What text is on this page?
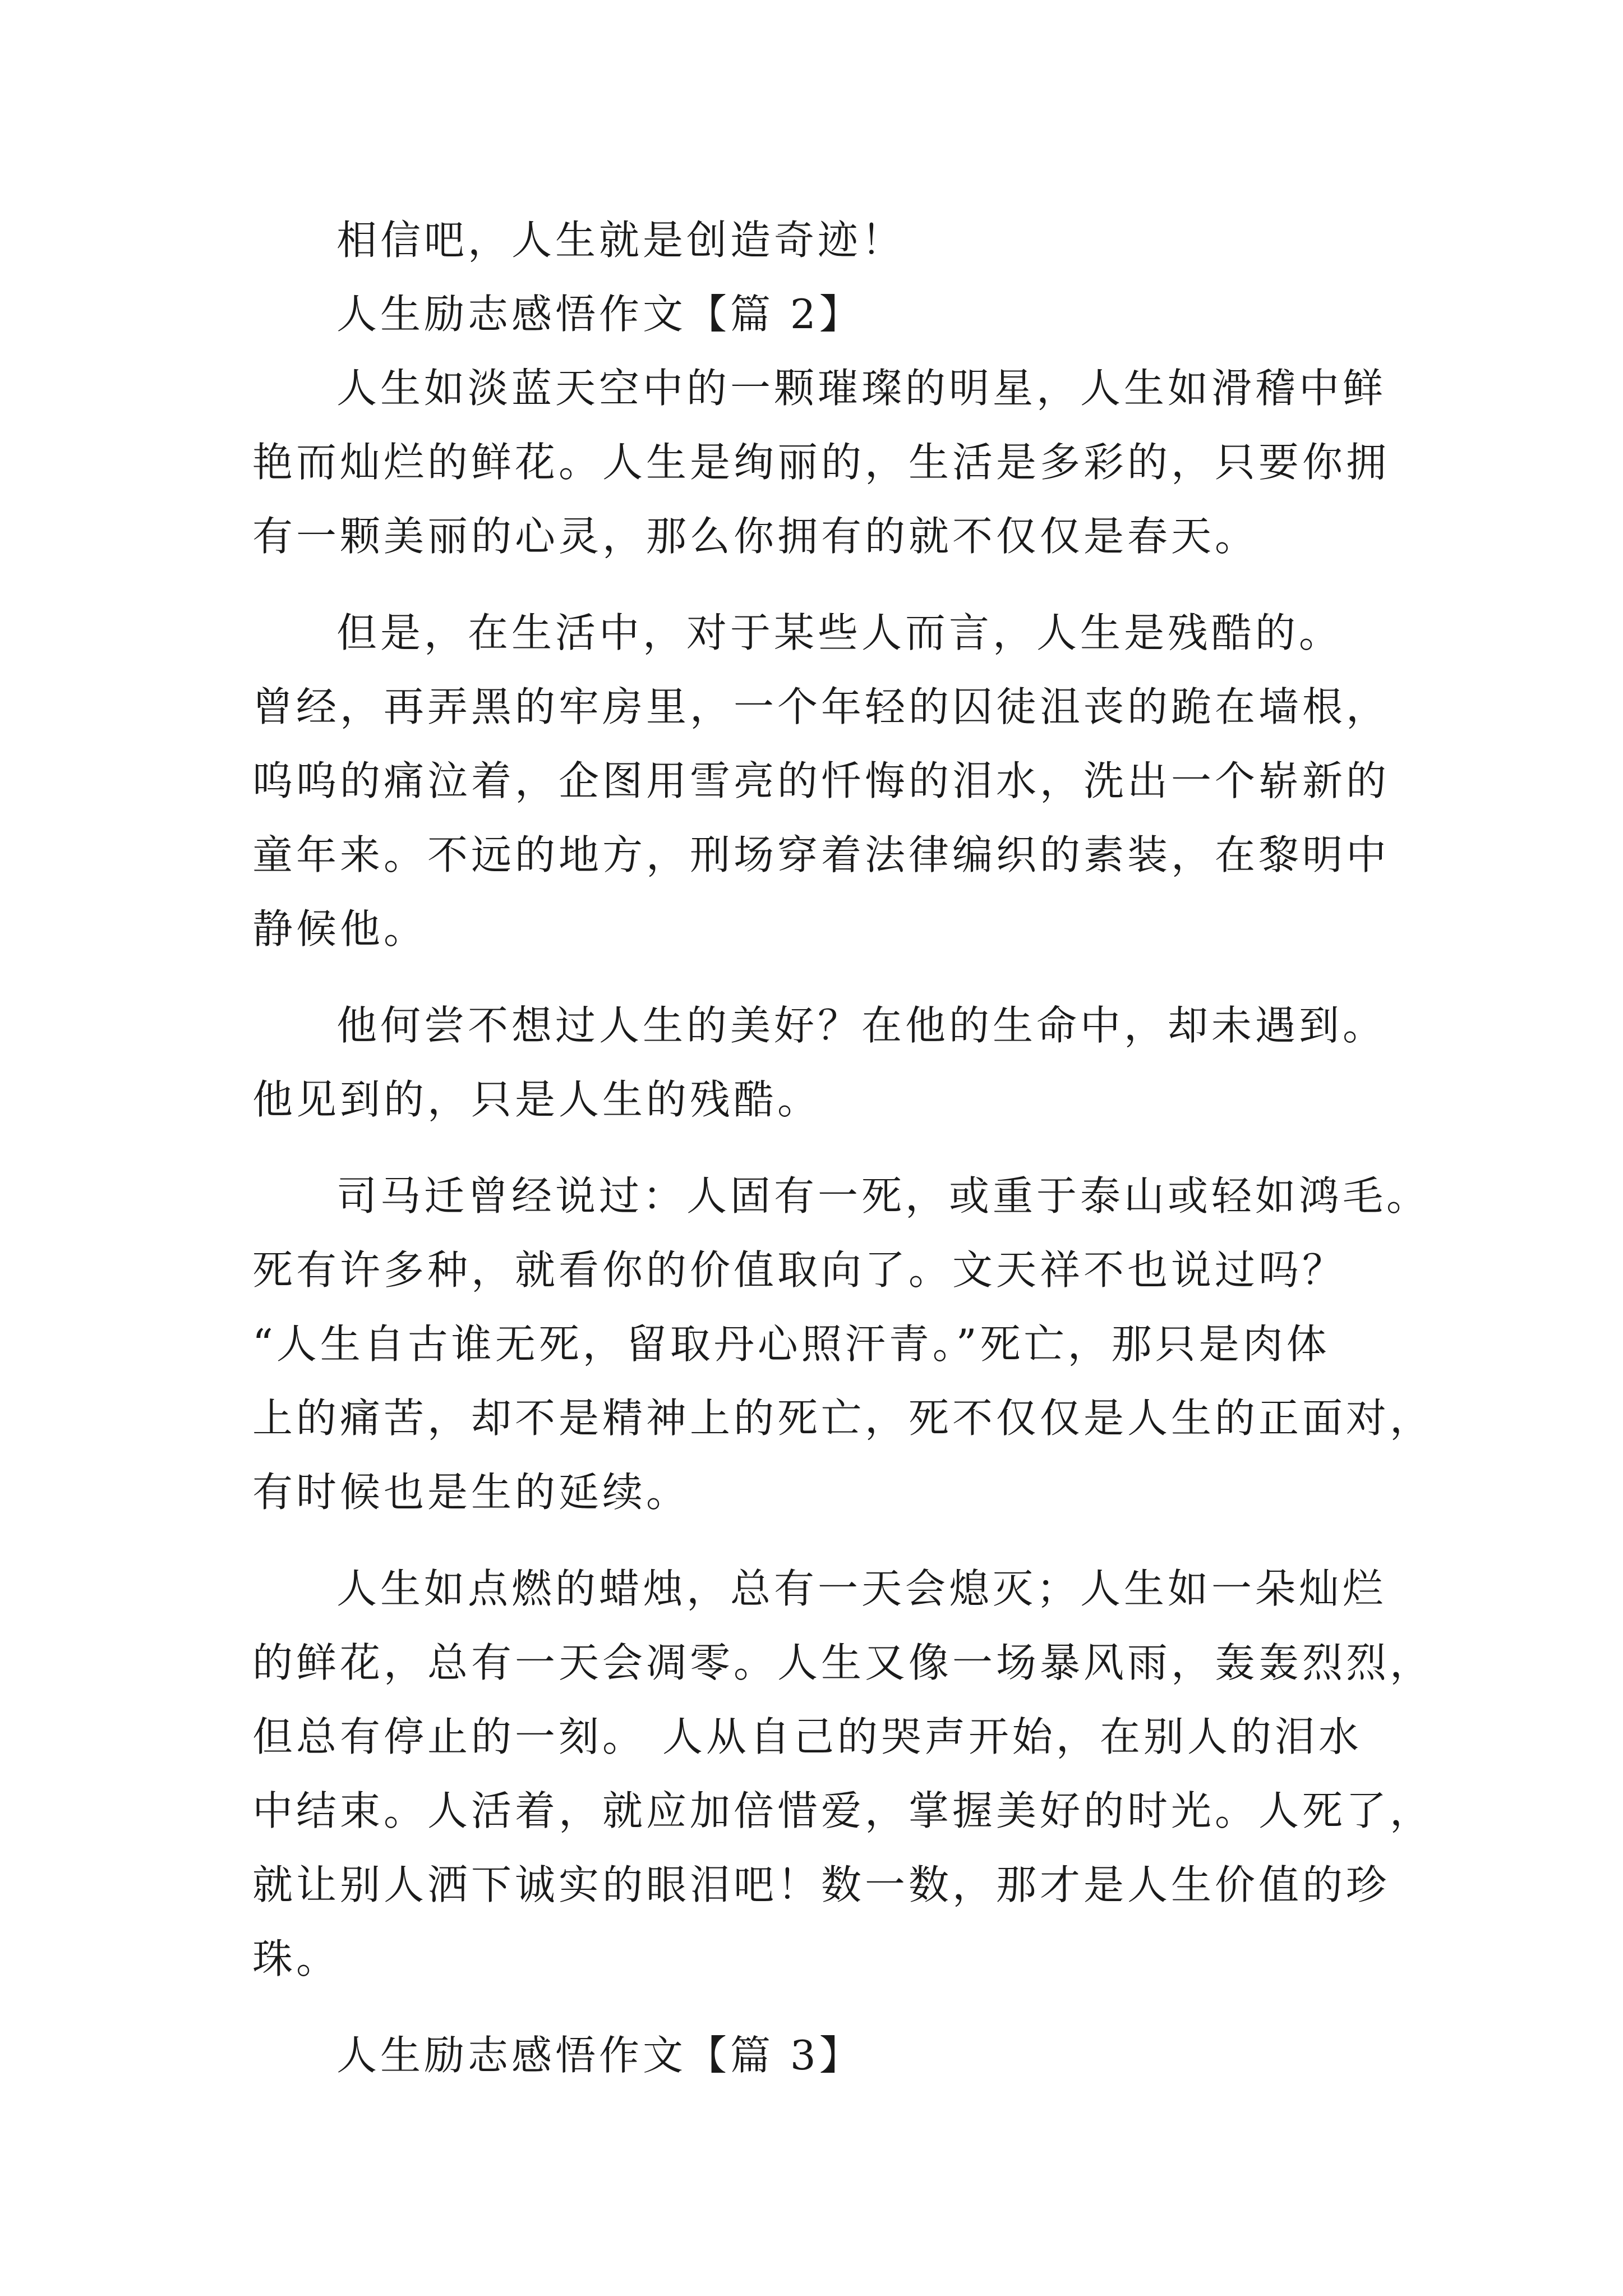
相信吧，人生就是创造奇迹！
人生励志感悟作文【篇 2】
人生如淡蓝天空中的一颗璀璨的明星，人生如滑稽中鲜
艳而灿烂的鲜花。人生是绚丽的，生活是多彩的，只要你拥
有一颗美丽的心灵，那么你拥有的就不仅仅是春天。
但是，在生活中，对于某些人而言，人生是残酷的。
曾经，再弄黑的牢房里，一个年轻的囚徒沮丧的跪在墙根，
呜呜的痛泣着，企图用雪亮的忏悔的泪水，洗出一个崭新的
童年来。不远的地方，刑场穿着法律编织的素装，在黎明中
静候他。
他何尝不想过人生的美好？在他的生命中，却未遇到。
他见到的，只是人生的残酷。
司马迁曾经说过：人固有一死，或重于泰山或轻如鸿毛。
死有许多种，就看你的价值取向了。文天祥不也说过吗？
“人生自古谁无死，留取丹心照汗青。”死亡，那只是肉体
上的痛苦，却不是精神上的死亡，死不仅仅是人生的正面对，
有时候也是生的延续。
人生如点燃的蜡烛，总有一天会熄灭；人生如一朵灿烂
的鲜花，总有一天会凋零。人生又像一场暴风雨，轰轰烈烈，
但总有停止的一刻。 人从自己的哭声开始，在别人的泪水
中结束。人活着，就应加倍惜爱，掌握美好的时光。人死了，
就让别人洒下诚实的眼泪吧！数一数，那才是人生价值的珍
珠。
人生励志感悟作文【篇 3】
